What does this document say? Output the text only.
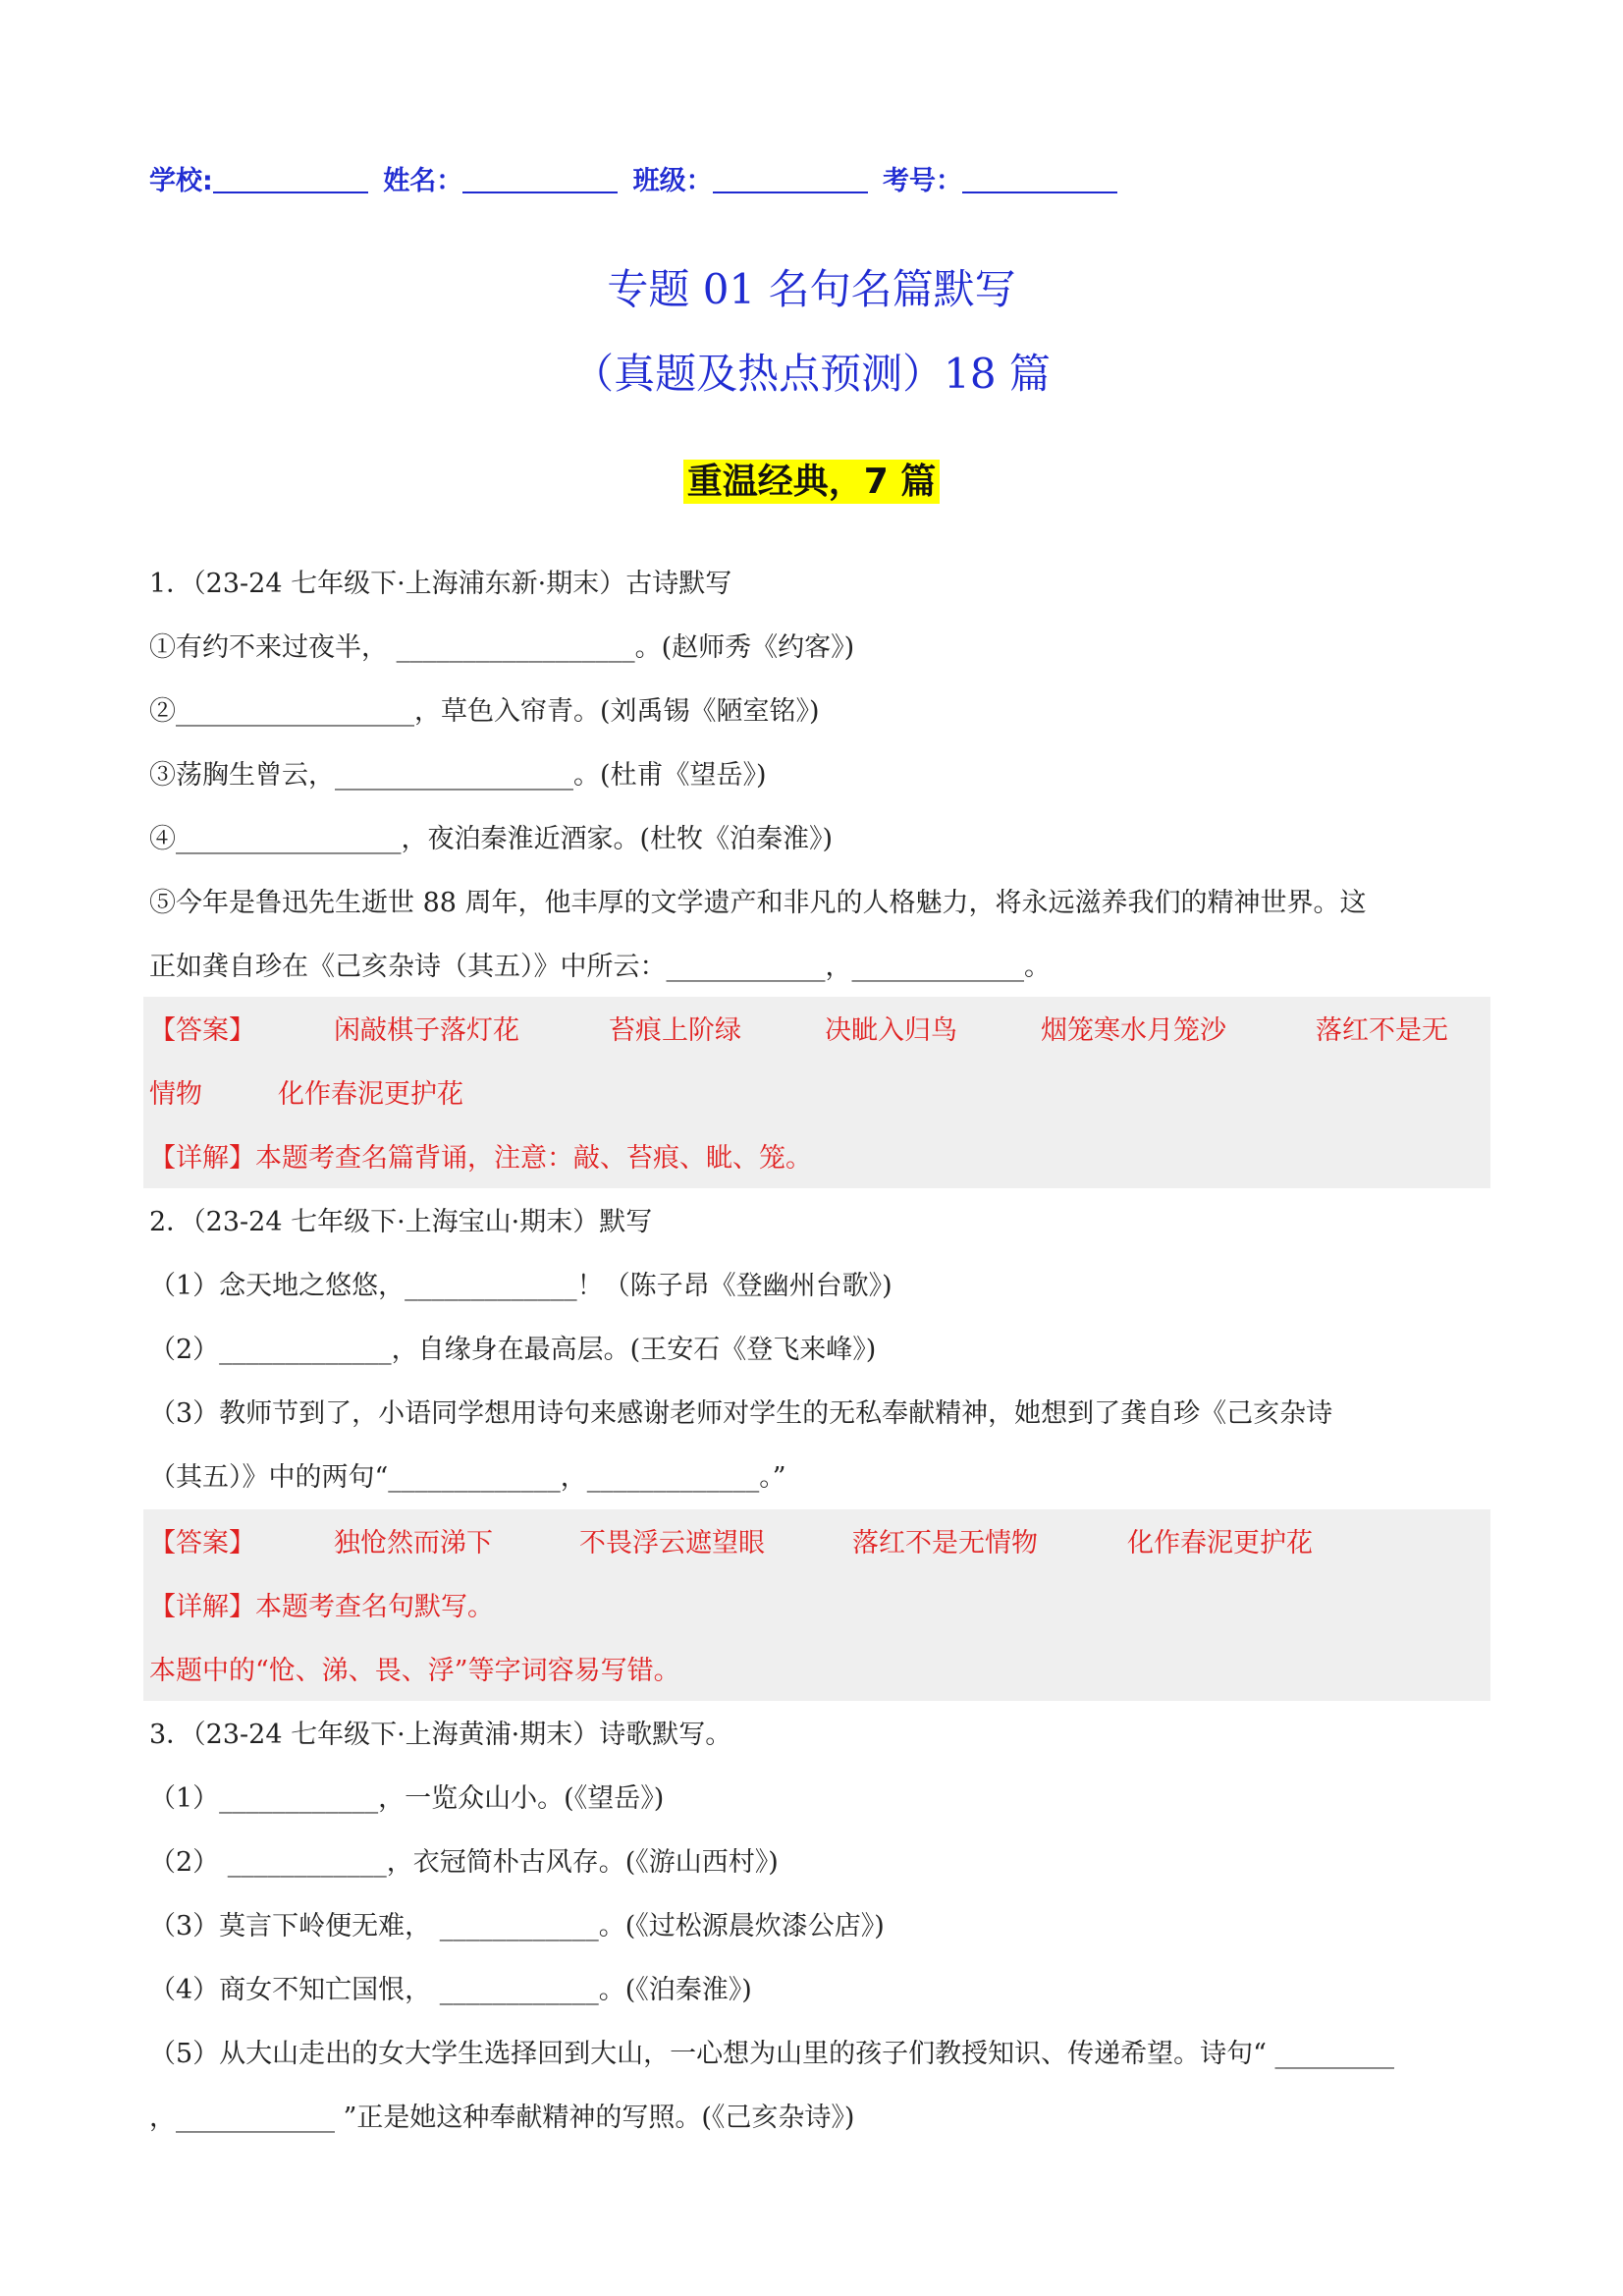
学校:	姓名：	班级：	考号：
专题 01 名句名篇默写
（真题及热点预测）18 篇
重温经典，7 篇
1．（23-24 七年级下·上海浦东新·期末）古诗默写
①有约不来过夜半， __________________。(赵师秀《约客》)
②__________________，草色入帘青。(刘禹锡《陋室铭》)
③荡胸生曾云，__________________。(杜甫《望岳》)
④_________________，夜泊秦淮近酒家。(杜牧《泊秦淮》)
⑤今年是鲁迅先生逝世 88 周年，他丰厚的文学遗产和非凡的人格魅力，将永远滋养我们的精神世界。这
正如龚自珍在《己亥杂诗（其五）》中所云：____________，_____________。
【答案】	闲敲棋子落灯花	苔痕上阶绿	决眦入归鸟	烟笼寒水月笼沙	落红不是无
情物	化作春泥更护花
【详解】本题考查名篇背诵，注意：敲、苔痕、眦、笼。
2．（23-24 七年级下·上海宝山·期末）默写
（1）念天地之悠悠，_____________！（陈子昂《登幽州台歌》)
（2）_____________，自缘身在最高层。(王安石《登飞来峰》)
（3）教师节到了，小语同学想用诗句来感谢老师对学生的无私奉献精神，她想到了龚自珍《己亥杂诗
（其五）》中的两句“_____________，_____________。”
【答案】	独怆然而涕下	不畏浮云遮望眼	落红不是无情物	化作春泥更护花
【详解】本题考查名句默写。
本题中的“怆、涕、畏、浮”等字词容易写错。
3．（23-24 七年级下·上海黄浦·期末）诗歌默写。
（1）____________，一览众山小。(《望岳》)
（2） ____________，衣冠简朴古风存。(《游山西村》)
（3）莫言下岭便无难， ____________。(《过松源晨炊漆公店》)
（4）商女不知亡国恨， ____________。(《泊秦淮》)
（5）从大山走出的女大学生选择回到大山，一心想为山里的孩子们教授知识、传递希望。诗句“ _________
，____________ ”正是她这种奉献精神的写照。(《己亥杂诗》)
